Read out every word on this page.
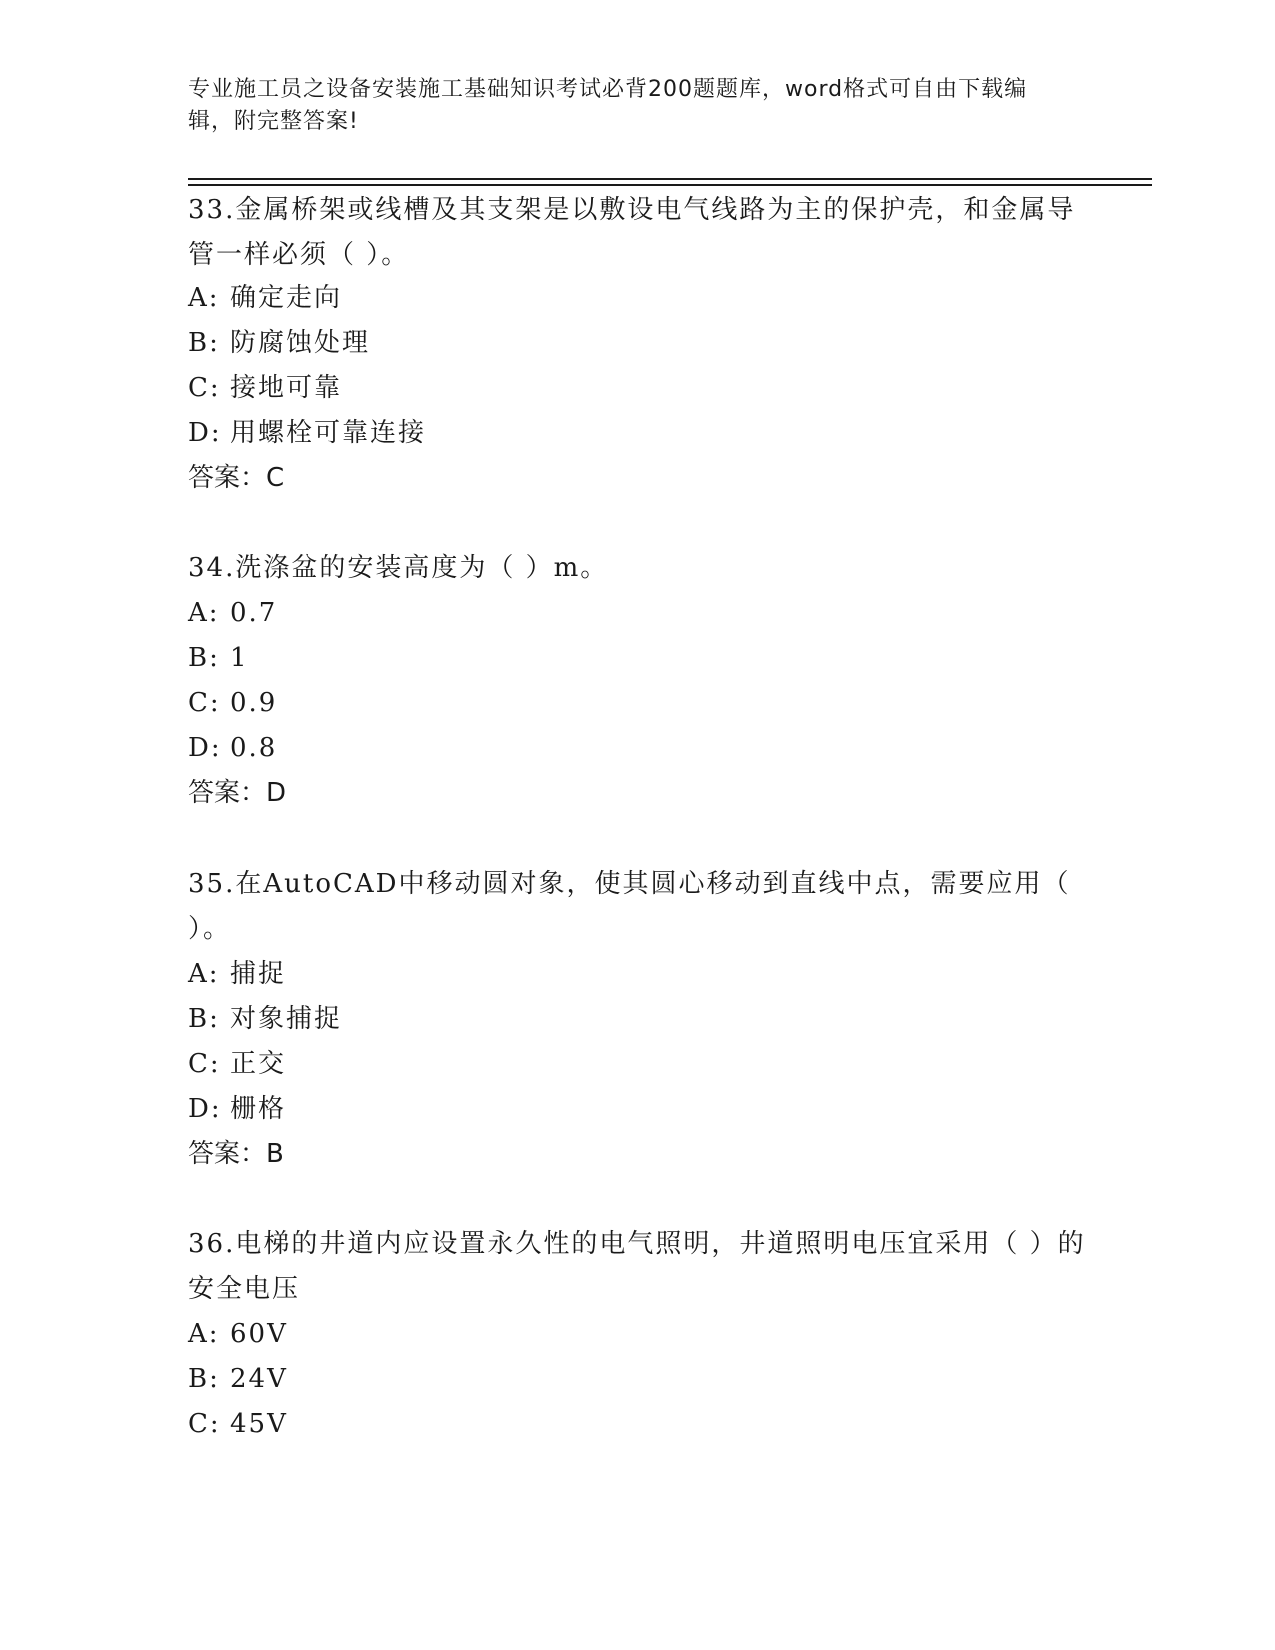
专业施工员之设备安装施工基础知识考试必背200题题库，word格式可自由下载编辑，附完整答案!
33.金属桥架或线槽及其支架是以敷设电气线路为主的保护壳，和金属导管一样必须（ ）。
A: 确定走向
B: 防腐蚀处理
C: 接地可靠
D: 用螺栓可靠连接
答案：C
34.洗涤盆的安装高度为（ ）m。
A: 0.7
B: 1
C: 0.9
D: 0.8
答案：D
35.在AutoCAD中移动圆对象，使其圆心移动到直线中点，需要应用（ ）。
A: 捕捉
B: 对象捕捉
C: 正交
D: 栅格
答案：B
36.电梯的井道内应设置永久性的电气照明，井道照明电压宜采用（ ）的安全电压
A: 60V
B: 24V
C: 45V
